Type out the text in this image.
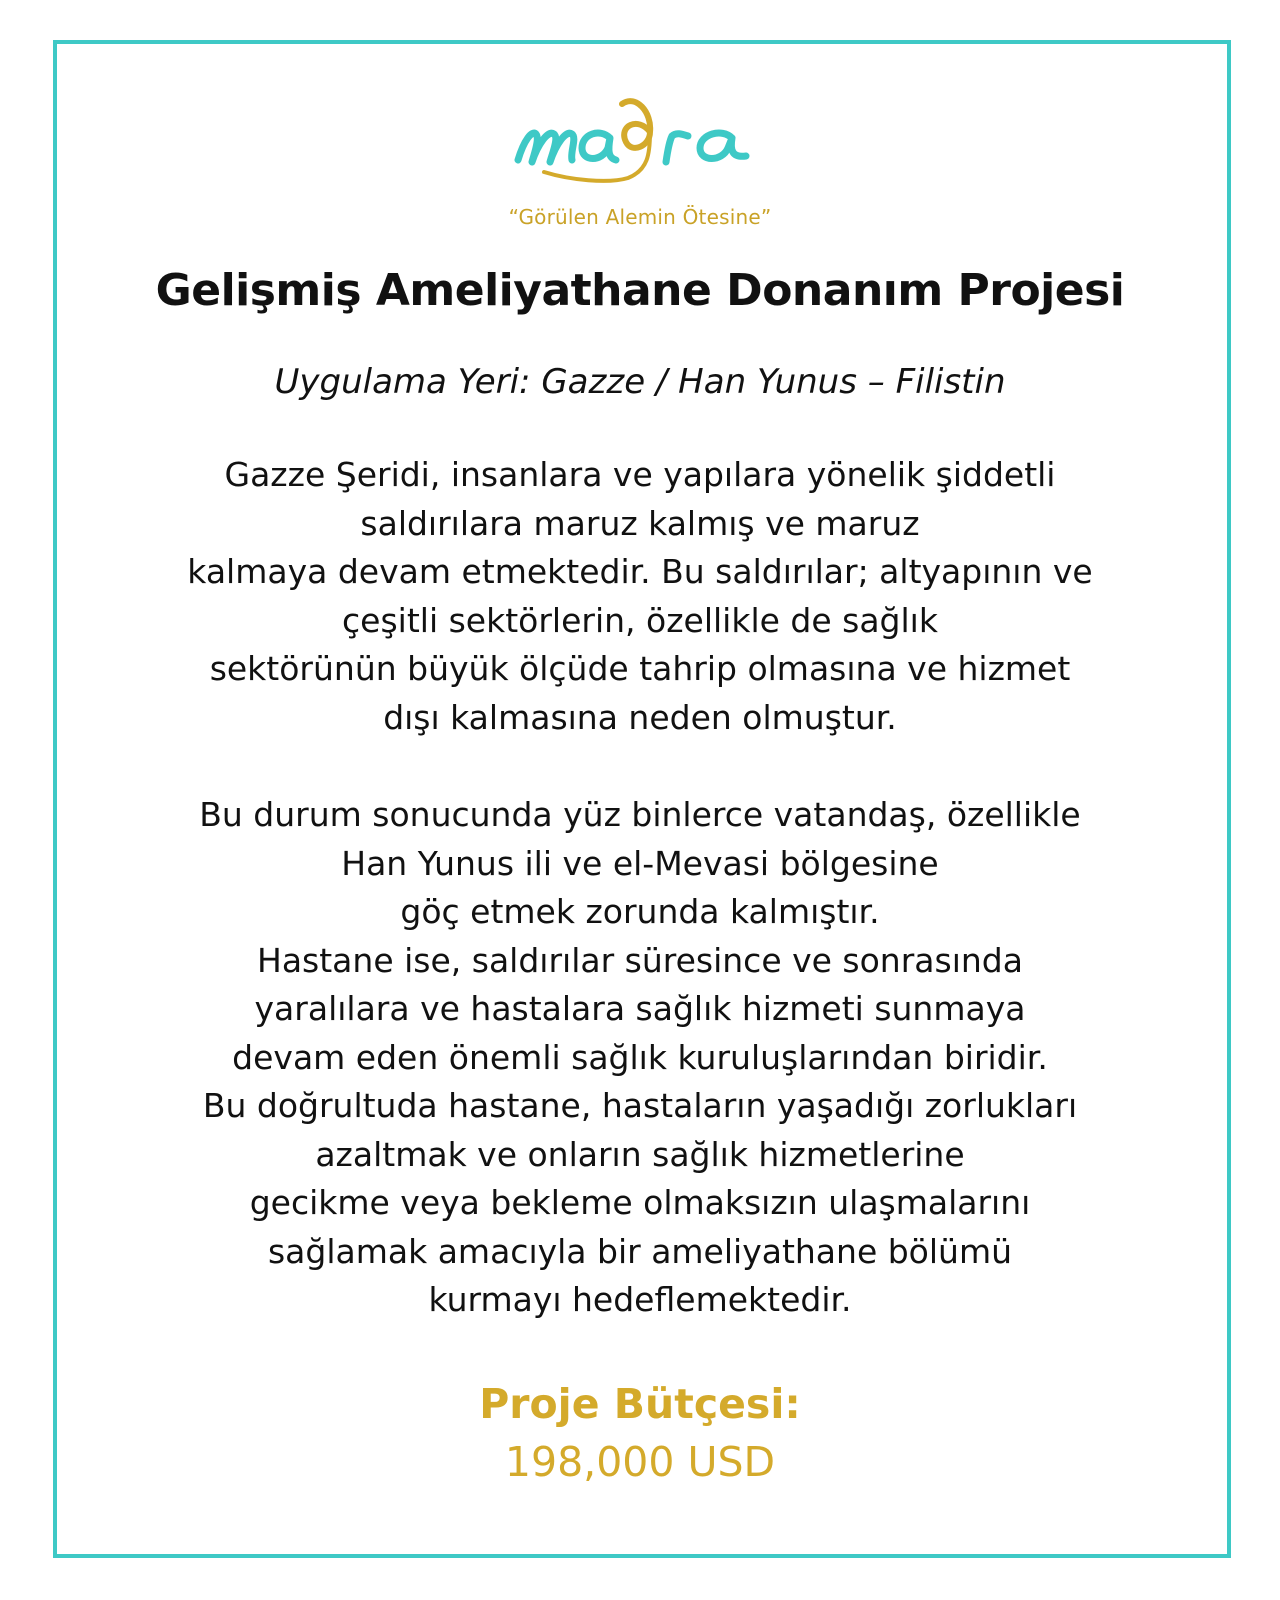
“Görülen Alemin Ötesine”
Gelişmiş Ameliyathane Donanım Projesi
Uygulama Yeri: Gazze / Han Yunus – Filistin
Gazze Şeridi, insanlara ve yapılara yönelik şiddetli
saldırılara maruz kalmış ve maruz
kalmaya devam etmektedir. Bu saldırılar; altyapının ve
çeşitli sektörlerin, özellikle de sağlık
sektörünün büyük ölçüde tahrip olmasına ve hizmet
dışı kalmasına neden olmuştur.
Bu durum sonucunda yüz binlerce vatandaş, özellikle
Han Yunus ili ve el-Mevasi bölgesine
göç etmek zorunda kalmıştır.
Hastane ise, saldırılar süresince ve sonrasında
yaralılara ve hastalara sağlık hizmeti sunmaya
devam eden önemli sağlık kuruluşlarından biridir.
Bu doğrultuda hastane, hastaların yaşadığı zorlukları
azaltmak ve onların sağlık hizmetlerine
gecikme veya bekleme olmaksızın ulaşmalarını
sağlamak amacıyla bir ameliyathane bölümü
kurmayı hedeflemektedir.
Proje Bütçesi:
198,000 USD
